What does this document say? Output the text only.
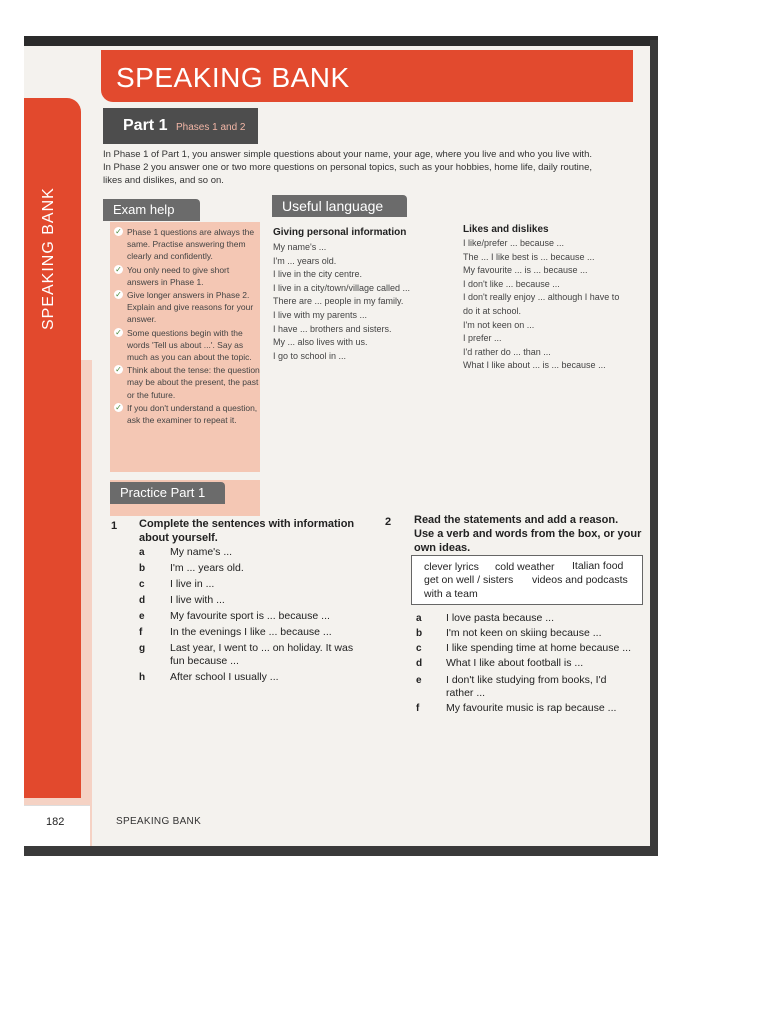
SPEAKING BANK
SPEAKING BANK
Part 1 Phases 1 and 2
In Phase 1 of Part 1, you answer simple questions about your name, your age, where you live and who you live with.
In Phase 2 you answer one or two more questions on personal topics, such as your hobbies, home life, daily routine,
likes and dislikes, and so on.
Exam help
✓ Phase 1 questions are always the same. Practise answering them clearly and confidently.
✓ You only need to give short answers in Phase 1.
✓ Give longer answers in Phase 2. Explain and give reasons for your answer.
✓ Some questions begin with the words 'Tell us about ...'. Say as much as you can about the topic.
✓ Think about the tense: the question may be about the present, the past or the future.
✓ If you don't understand a question, ask the examiner to repeat it.
Useful language
Giving personal information
My name's ...
I'm ... years old.
I live in the city centre.
I live in a city/town/village called ...
There are ... people in my family.
I live with my parents ...
I have ... brothers and sisters.
My ... also lives with us.
I go to school in ...
Likes and dislikes
I like/prefer ... because ...
The ... I like best is ... because ...
My favourite ... is ... because ...
I don't like ... because ...
I don't really enjoy ... although I have to
do it at school.
I'm not keen on ...
I prefer ...
I'd rather do ... than ...
What I like about ... is ... because ...
Practice Part 1
1 Complete the sentences with information
about yourself.
a My name's ...
b I'm ... years old.
c I live in ...
d I live with ...
e My favourite sport is ... because ...
f	In the evenings I like ... because ...
g Last year, I went to ... on holiday. It was
fun because ...
h After school I usually ...
2 Read the statements and add a reason.
Use a verb and words from the box, or your
own ideas.
clever lyrics cold weather Italian food
get on well / sisters videos and podcasts
with a team
a I love pasta because ...
b I'm not keen on skiing because ...
c I like spending time at home because ...
d What I like about football is ...
e I don't like studying from books, I'd
rather ...
f	My favourite music is rap because ...
182	SPEAKING BANK
